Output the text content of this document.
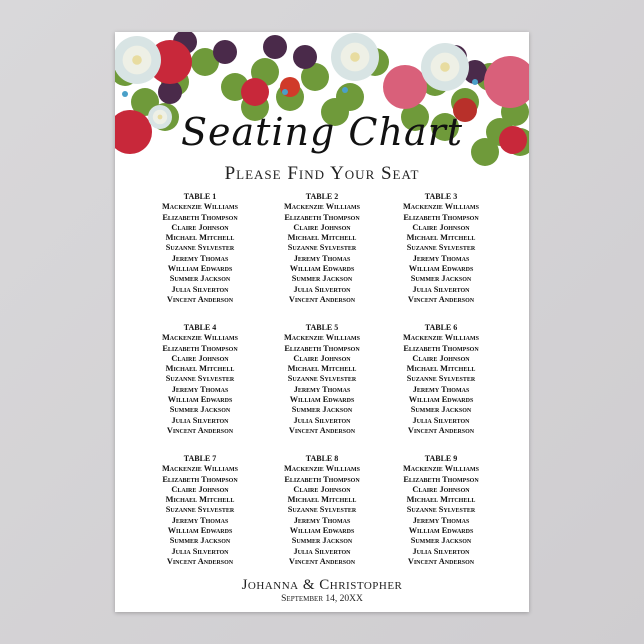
Seating Chart
Please Find Your Seat
TABLE 1
Mackenzie Williams
Elizabeth Thompson
Claire Johnson
Michael Mitchell
Suzanne Sylvester
Jeremy Thomas
William Edwards
Summer Jackson
Julia Silverton
Vincent Anderson
TABLE 2
Mackenzie Williams
Elizabeth Thompson
Claire Johnson
Michael Mitchell
Suzanne Sylvester
Jeremy Thomas
William Edwards
Summer Jackson
Julia Silverton
Vincent Anderson
TABLE 3
Mackenzie Williams
Elizabeth Thompson
Claire Johnson
Michael Mitchell
Suzanne Sylvester
Jeremy Thomas
William Edwards
Summer Jackson
Julia Silverton
Vincent Anderson
TABLE 4
Mackenzie Williams
Elizabeth Thompson
Claire Johnson
Michael Mitchell
Suzanne Sylvester
Jeremy Thomas
William Edwards
Summer Jackson
Julia Silverton
Vincent Anderson
TABLE 5
Mackenzie Williams
Elizabeth Thompson
Claire Johnson
Michael Mitchell
Suzanne Sylvester
Jeremy Thomas
William Edwards
Summer Jackson
Julia Silverton
Vincent Anderson
TABLE 6
Mackenzie Williams
Elizabeth Thompson
Claire Johnson
Michael Mitchell
Suzanne Sylvester
Jeremy Thomas
William Edwards
Summer Jackson
Julia Silverton
Vincent Anderson
TABLE 7
Mackenzie Williams
Elizabeth Thompson
Claire Johnson
Michael Mitchell
Suzanne Sylvester
Jeremy Thomas
William Edwards
Summer Jackson
Julia Silverton
Vincent Anderson
TABLE 8
Mackenzie Williams
Elizabeth Thompson
Claire Johnson
Michael Mitchell
Suzanne Sylvester
Jeremy Thomas
William Edwards
Summer Jackson
Julia Silverton
Vincent Anderson
TABLE 9
Mackenzie Williams
Elizabeth Thompson
Claire Johnson
Michael Mitchell
Suzanne Sylvester
Jeremy Thomas
William Edwards
Summer Jackson
Julia Silverton
Vincent Anderson
Johanna & Christopher
September 14, 20XX
